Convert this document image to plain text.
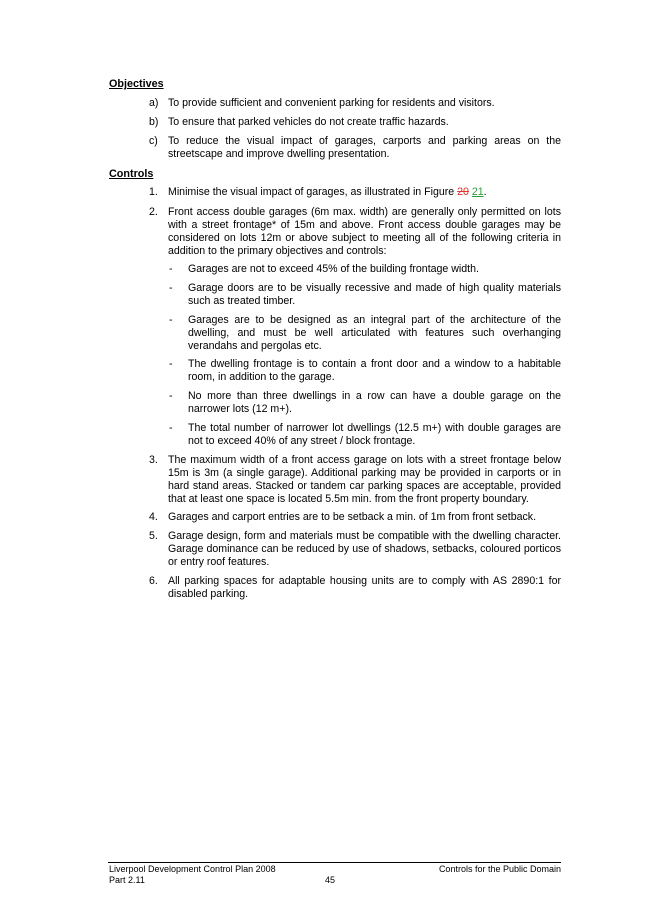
Objectives
a) To provide sufficient and convenient parking for residents and visitors.
b) To ensure that parked vehicles do not create traffic hazards.
c) To reduce the visual impact of garages, carports and parking areas on the streetscape and improve dwelling presentation.
Controls
1. Minimise the visual impact of garages, as illustrated in Figure 20 21.
2. Front access double garages (6m max. width) are generally only permitted on lots with a street frontage* of 15m and above. Front access double garages may be considered on lots 12m or above subject to meeting all of the following criteria in addition to the primary objectives and controls:
-	Garages are not to exceed 45% of the building frontage width.
-	Garage doors are to be visually recessive and made of high quality materials such as treated timber.
-	Garages are to be designed as an integral part of the architecture of the dwelling, and must be well articulated with features such overhanging verandahs and pergolas etc.
-	The dwelling frontage is to contain a front door and a window to a habitable room, in addition to the garage.
-	No more than three dwellings in a row can have a double garage on the narrower lots (12 m+).
-	The total number of narrower lot dwellings (12.5 m+) with double garages are not to exceed 40% of any street / block frontage.
3. The maximum width of a front access garage on lots with a street frontage below 15m is 3m (a single garage). Additional parking may be provided in carports or in hard stand areas. Stacked or tandem car parking spaces are acceptable, provided that at least one space is located 5.5m min. from the front property boundary.
4. Garages and carport entries are to be setback a min. of 1m from front setback.
5. Garage design, form and materials must be compatible with the dwelling character. Garage dominance can be reduced by use of shadows, setbacks, coloured porticos or entry roof features.
6. All parking spaces for adaptable housing units are to comply with AS 2890:1 for disabled parking.
Liverpool Development Control Plan 2008
Part 2.11	45
Controls for the Public Domain
